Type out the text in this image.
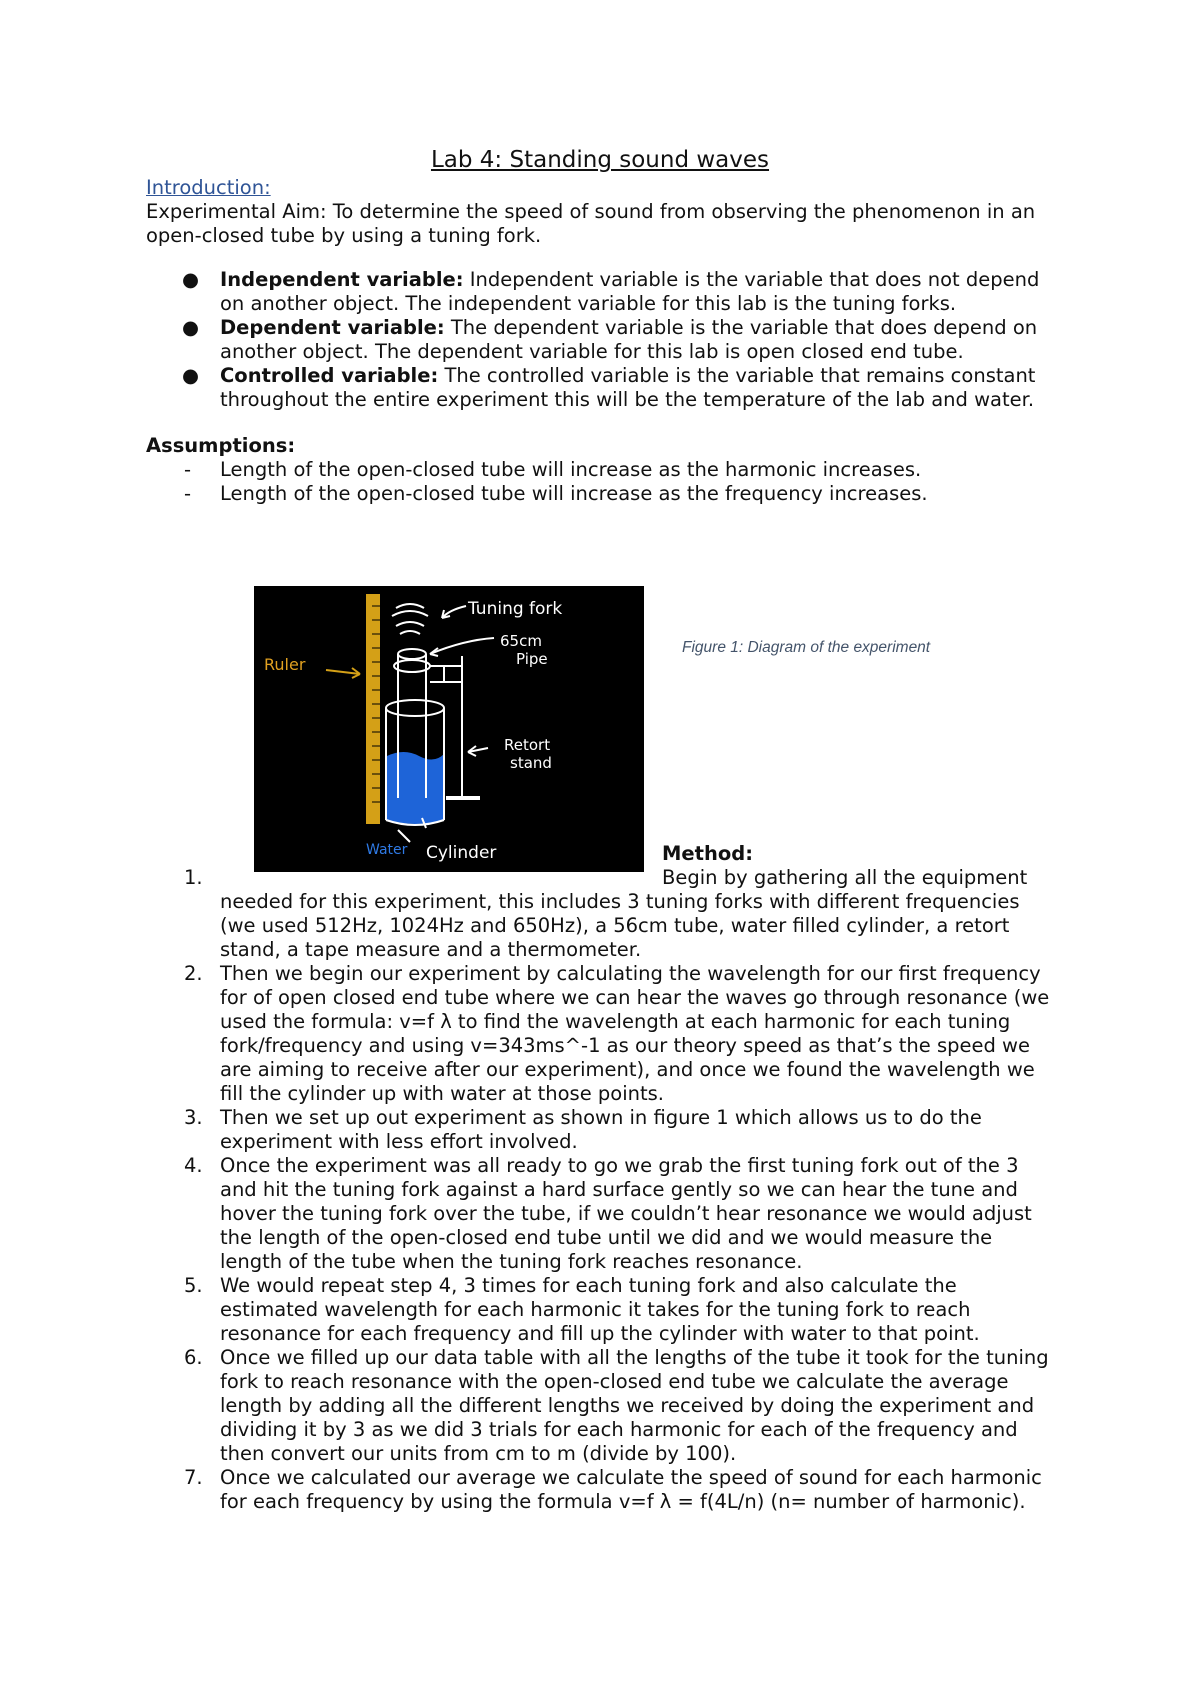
Lab 4: Standing sound waves
Introduction:
Experimental Aim: To determine the speed of sound from observing the phenomenon in an open-closed tube by using a tuning fork.
● Independent variable: Independent variable is the variable that does not depend on another object. The independent variable for this lab is the tuning forks.
● Dependent variable: The dependent variable is the variable that does depend on another object. The dependent variable for this lab is open closed end tube.
● Controlled variable: The controlled variable is the variable that remains constant throughout the entire experiment this will be the temperature of the lab and water.
Assumptions:
- Length of the open-closed tube will increase as the harmonic increases.
- Length of the open-closed tube will increase as the frequency increases.
Tuning fork
65cm
Pipe
Ruler
Retort
stand
Water Cylinder
Figure 1: Diagram of the experiment
Method:
1.	Begin by gathering all the equipment needed for this experiment, this includes 3 tuning forks with different frequencies (we used 512Hz, 1024Hz and 650Hz), a 56cm tube, water filled cylinder, a retort stand, a tape measure and a thermometer.
2. Then we begin our experiment by calculating the wavelength for our first frequency for of open closed end tube where we can hear the waves go through resonance (we used the formula: v=f λ to find the wavelength at each harmonic for each tuning fork/frequency and using v=343ms^-1 as our theory speed as that’s the speed we are aiming to receive after our experiment), and once we found the wavelength we fill the cylinder up with water at those points.
3. Then we set up out experiment as shown in figure 1 which allows us to do the experiment with less effort involved.
4. Once the experiment was all ready to go we grab the first tuning fork out of the 3 and hit the tuning fork against a hard surface gently so we can hear the tune and hover the tuning fork over the tube, if we couldn’t hear resonance we would adjust the length of the open-closed end tube until we did and we would measure the length of the tube when the tuning fork reaches resonance.
5. We would repeat step 4, 3 times for each tuning fork and also calculate the estimated wavelength for each harmonic it takes for the tuning fork to reach resonance for each frequency and fill up the cylinder with water to that point.
6. Once we filled up our data table with all the lengths of the tube it took for the tuning fork to reach resonance with the open-closed end tube we calculate the average length by adding all the different lengths we received by doing the experiment and dividing it by 3 as we did 3 trials for each harmonic for each of the frequency and then convert our units from cm to m (divide by 100).
7. Once we calculated our average we calculate the speed of sound for each harmonic for each frequency by using the formula v=f λ = f(4L/n) (n= number of harmonic).
